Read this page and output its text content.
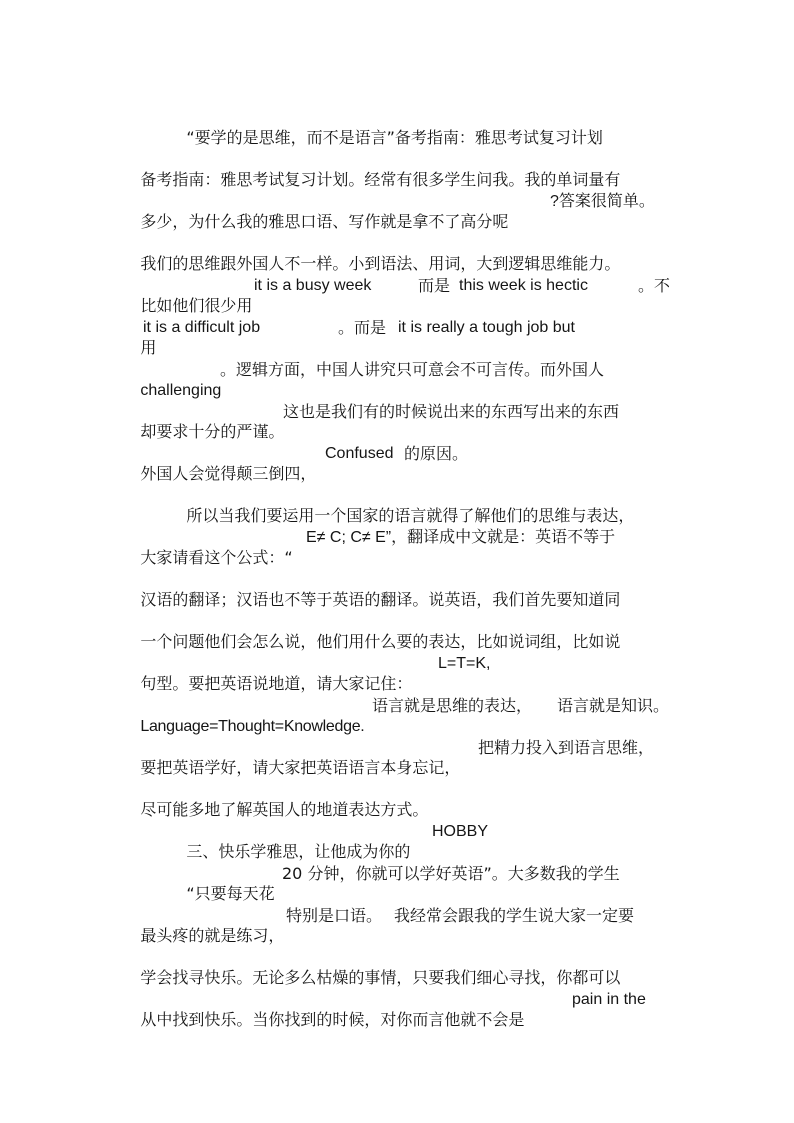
“要学的是思维，而不是语言”备考指南：雅思考试复习计划

备考指南：雅思考试复习计划。经常有很多学生问我。我的单词量有

多少，为什么我的雅思口语、写作就是拿不了高分呢

?答案很简单。

我们的思维跟外国人不一样。小到语法、用词，大到逻辑思维能力。

比如他们很少用

it is a busy week

	而是

this week is hectic

	。不

用

it is a difficult job

	。而是

it is really a tough job but

challenging

。逻辑方面，中国人讲究只可意会不可言传。而外国人

却要求十分的严谨。

这也是我们有的时候说出来的东西写出来的东西

外国人会觉得颠三倒四，

Confused

的原因。

所以当我们要运用一个国家的语言就得了解他们的思维与表达，

大家请看这个公式：“

E≠ C; C≠ E”，翻译成中文就是：英语不等于

汉语的翻译；汉语也不等于英语的翻译。说英语，我们首先要知道同

一个问题他们会怎么说，他们用什么要的表达，比如说词组，比如说

句型。要把英语说地道，请大家记住：

L=T=K,

Language=Thought=Knowledge.

语言就是思维的表达，

语言就是知识。

要把英语学好，请大家把英语语言本身忘记，

把精力投入到语言思维，

尽可能多地了解英国人的地道表达方式。

三、快乐学雅思，让他成为你的

HOBBY

“只要每天花

20 分钟，你就可以学好英语”。大多数我的学生

最头疼的就是练习，

特别是口语。

我经常会跟我的学生说大家一定要

学会找寻快乐。无论多么枯燥的事情，只要我们细心寻找，你都可以

从中找到快乐。当你找到的时候，对你而言他就不会是

pain in the
